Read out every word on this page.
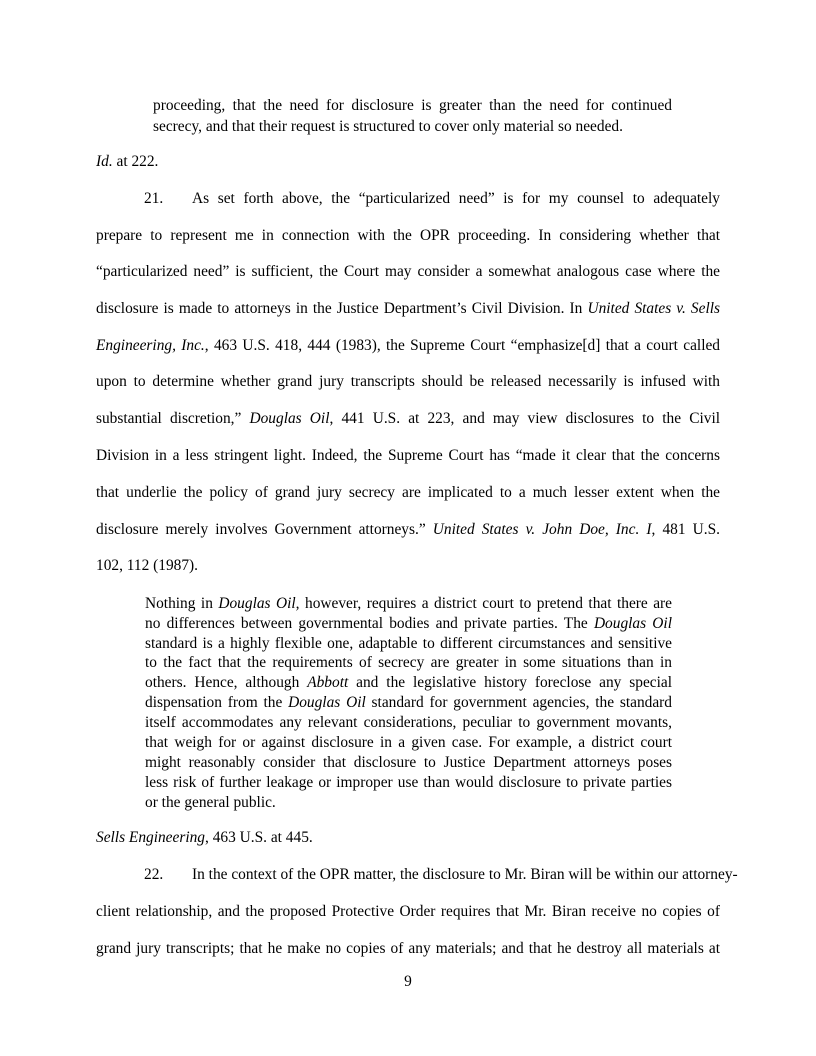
proceeding, that the need for disclosure is greater than the need for continued
secrecy, and that their request is structured to cover only material so needed.
Id. at 222.
21. As set forth above, the “particularized need” is for my counsel to adequately
prepare to represent me in connection with the OPR proceeding. In considering whether that
“particularized need” is sufficient, the Court may consider a somewhat analogous case where the
disclosure is made to attorneys in the Justice Department’s Civil Division. In United States v. Sells
Engineering, Inc., 463 U.S. 418, 444 (1983), the Supreme Court “emphasize[d] that a court called
upon to determine whether grand jury transcripts should be released necessarily is infused with
substantial discretion,” Douglas Oil, 441 U.S. at 223, and may view disclosures to the Civil
Division in a less stringent light. Indeed, the Supreme Court has “made it clear that the concerns
that underlie the policy of grand jury secrecy are implicated to a much lesser extent when the
disclosure merely involves Government attorneys.” United States v. John Doe, Inc. I, 481 U.S.
102, 112 (1987).
Nothing in Douglas Oil, however, requires a district court to pretend that there are
no differences between governmental bodies and private parties. The Douglas Oil
standard is a highly flexible one, adaptable to different circumstances and sensitive
to the fact that the requirements of secrecy are greater in some situations than in
others. Hence, although Abbott and the legislative history foreclose any special
dispensation from the Douglas Oil standard for government agencies, the standard
itself accommodates any relevant considerations, peculiar to government movants,
that weigh for or against disclosure in a given case. For example, a district court
might reasonably consider that disclosure to Justice Department attorneys poses
less risk of further leakage or improper use than would disclosure to private parties
or the general public.
Sells Engineering, 463 U.S. at 445.
22. In the context of the OPR matter, the disclosure to Mr. Biran will be within our attorney-
client relationship, and the proposed Protective Order requires that Mr. Biran receive no copies of
grand jury transcripts; that he make no copies of any materials; and that he destroy all materials at
9
